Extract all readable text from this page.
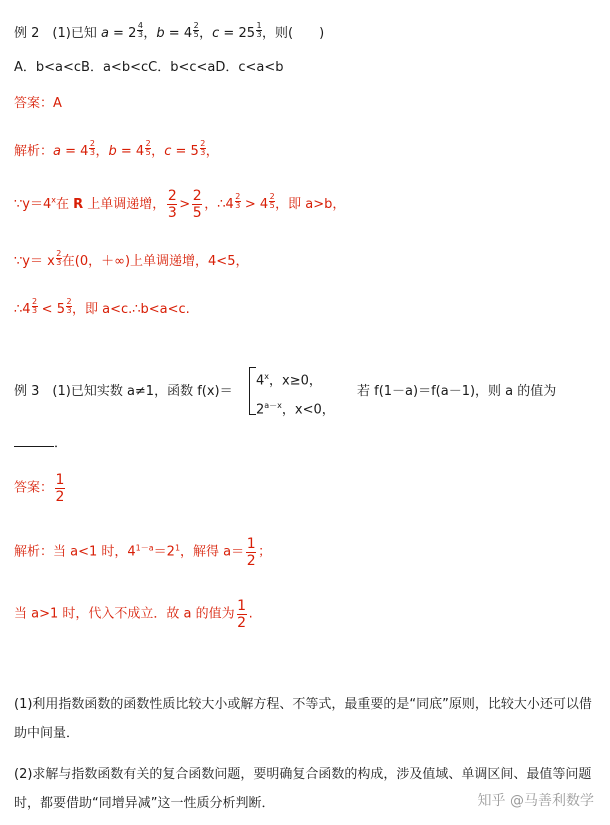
例 2　(1)已知 a = 2 $^{\frac{4}{3}}$ ，b = 4 $^{\frac{2}{5}}$ ，c = 25 $^{\frac{1}{3}}$ ，则(　　)
A．b<a<cB．a<b<cC．b<c<aD．c<a<b
答案：A
解析：a = 4 $^{\frac{2}{3}}$ ，b = 4 $^{\frac{2}{5}}$ ，c = 5 $^{\frac{2}{3}}$ ，
$\because y=4^x$在 R 上单调递增， $\frac{2}{3} > \frac{2}{5}$ ，∴4 $^{\frac{2}{3}}$ > 4 $^{\frac{2}{5}}$ ，即 a>b，
∵y＝ x $^{\frac{2}{3}}$ 在(0，＋∞)上单调递增，4<5，
∴4 $^{\frac{2}{3}}$ < 5 $^{\frac{2}{3}}$ ，即 a<c.∴b<a<c.
例 3　(1)已知实数 a≠1，函数 f(x)＝
$4^x$，x≥0，
$2^{a-x}$，x<0，
若 f(1－a)＝f(a－1)，则 a 的值为
．
答案： $\frac{1}{2}$
解析：当 a<1 时，$4^{1-a}=2^1$，解得 $a= \frac{1}{2}$ ；
当 a>1 时，代入不成立．故 a 的值为 $\frac{1}{2}$ .
(1)利用指数函数的函数性质比较大小或解方程、不等式，最重要的是“同底”原则，比较大小还可以借助中间量．
(2)求解与指数函数有关的复合函数问题，要明确复合函数的构成，涉及值域、单调区间、最值等问题时，都要借助“同增异减”这一性质分析判断．	知乎 @马善利数学
